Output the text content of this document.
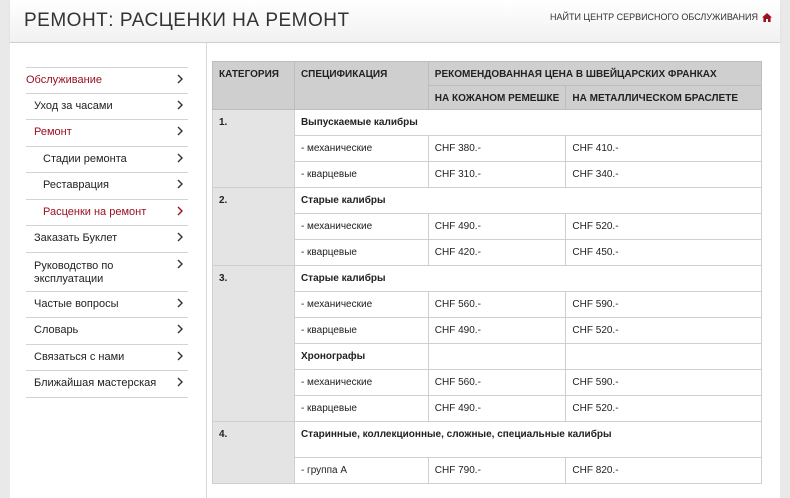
РЕМОНТ: РАСЦЕНКИ НА РЕМОНТ	НАЙТИ ЦЕНТР СЕРВИСНОГО ОБСЛУЖИВАНИЯ
Обслуживание
Уход за часами
Ремонт
Стадии ремонта
Реставрация
Расценки на ремонт
Заказать Буклет
Руководство по эксплуатации
Частые вопросы
Словарь
Связаться с нами
Ближайшая мастерская
КАТЕГОРИЯ	СПЕЦИФИКАЦИЯ	РЕКОМЕНДОВАННАЯ ЦЕНА В ШВЕЙЦАРСКИХ ФРАНКАХ	
		НА КОЖАНОМ РЕМЕШКЕ	НА МЕТАЛЛИЧЕСКОМ БРАСЛЕТЕ
1.	Выпускаемые калибры		
	- механические	CHF 380.-	CHF 410.-
	- кварцевые	CHF 310.-	CHF 340.-
2.	Старые калибры		
	- механические	CHF 490.-	CHF 520.-
	- кварцевые	CHF 420.-	CHF 450.-
3.	Старые калибры		
	- механические	CHF 560.-	CHF 590.-
	- кварцевые	CHF 490.-	CHF 520.-
	Хронографы		
	- механические	CHF 560.-	CHF 590.-
	- кварцевые	CHF 490.-	CHF 520.-
4.	Старинные, коллекционные, сложные, специальные калибры		
	- группа A	CHF 790.-	CHF 820.-
